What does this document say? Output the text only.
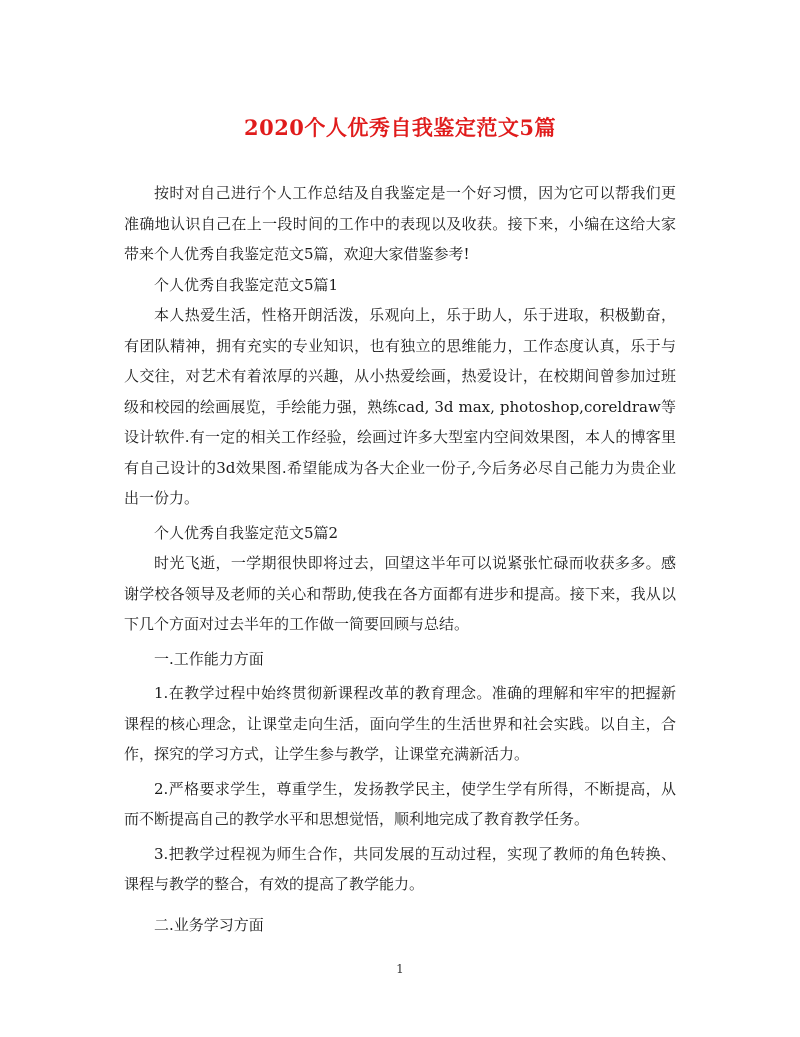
2020个人优秀自我鉴定范文5篇

按时对自己进行个人工作总结及自我鉴定是一个好习惯，因为它可以帮我们更准确地认识自己在上一段时间的工作中的表现以及收获。接下来，小编在这给大家带来个人优秀自我鉴定范文5篇，欢迎大家借鉴参考!

个人优秀自我鉴定范文5篇1

本人热爱生活，性格开朗活泼，乐观向上，乐于助人，乐于进取，积极勤奋，有团队精神，拥有充实的专业知识，也有独立的思维能力，工作态度认真，乐于与人交往，对艺术有着浓厚的兴趣，从小热爱绘画，热爱设计，在校期间曾参加过班级和校园的绘画展览，手绘能力强，熟练cad, 3d max, photoshop,coreldraw等设计软件.有一定的相关工作经验，绘画过许多大型室内空间效果图，本人的博客里有自己设计的3d效果图.希望能成为各大企业一份子,今后务必尽自己能力为贵企业出一份力。

个人优秀自我鉴定范文5篇2

时光飞逝，一学期很快即将过去，回望这半年可以说紧张忙碌而收获多多。感谢学校各领导及老师的关心和帮助,使我在各方面都有进步和提高。接下来，我从以下几个方面对过去半年的工作做一简要回顾与总结。

一.工作能力方面

1.在教学过程中始终贯彻新课程改革的教育理念。准确的理解和牢牢的把握新课程的核心理念，让课堂走向生活，面向学生的生活世界和社会实践。以自主，合作，探究的学习方式，让学生参与教学，让课堂充满新活力。

2.严格要求学生，尊重学生，发扬教学民主，使学生学有所得，不断提高，从而不断提高自己的教学水平和思想觉悟，顺利地完成了教育教学任务。

3.把教学过程视为师生合作，共同发展的互动过程，实现了教师的角色转换、课程与教学的整合，有效的提高了教学能力。

二.业务学习方面

1
